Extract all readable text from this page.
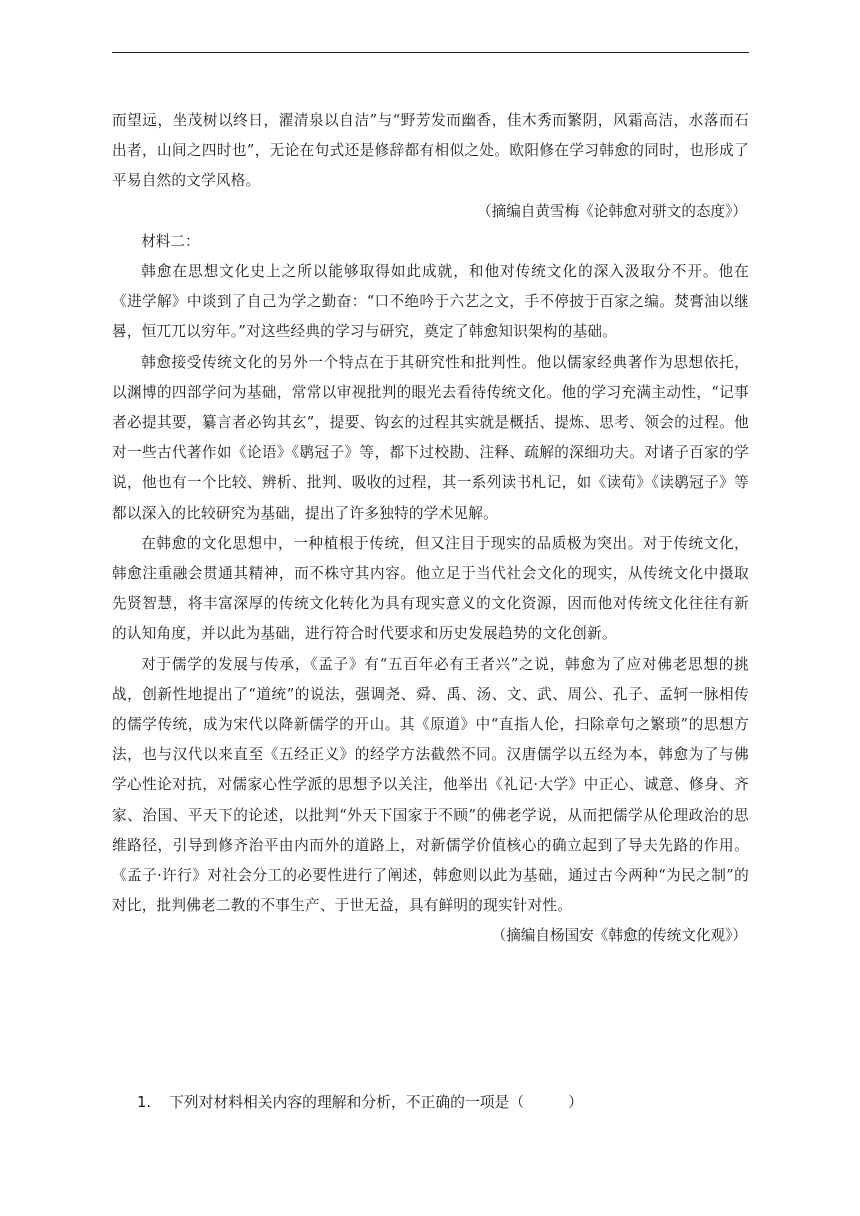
而望远，坐茂树以终日，濯清泉以自洁”与“野芳发而幽香，佳木秀而繁阴，风霜高洁，水落而石出者，山间之四时也”，无论在句式还是修辞都有相似之处。欧阳修在学习韩愈的同时，也形成了平易自然的文学风格。

（摘编自黄雪梅《论韩愈对骈文的态度》）

材料二：

韩愈在思想文化史上之所以能够取得如此成就，和他对传统文化的深入汲取分不开。他在《进学解》中谈到了自己为学之勤奋：“口不绝吟于六艺之文，手不停披于百家之编。焚膏油以继晷，恒兀兀以穷年。”对这些经典的学习与研究，奠定了韩愈知识架构的基础。

韩愈接受传统文化的另外一个特点在于其研究性和批判性。他以儒家经典著作为思想依托，以渊博的四部学问为基础，常常以审视批判的眼光去看待传统文化。他的学习充满主动性，“记事者必提其要，纂言者必钩其玄”，提要、钩玄的过程其实就是概括、提炼、思考、领会的过程。他对一些古代著作如《论语》《鹖冠子》等，都下过校勘、注释、疏解的深细功夫。对诸子百家的学说，他也有一个比较、辨析、批判、吸收的过程，其一系列读书札记，如《读荀》《读鹖冠子》等都以深入的比较研究为基础，提出了许多独特的学术见解。

在韩愈的文化思想中，一种植根于传统，但又注目于现实的品质极为突出。对于传统文化，韩愈注重融会贯通其精神，而不株守其内容。他立足于当代社会文化的现实，从传统文化中摄取先贤智慧，将丰富深厚的传统文化转化为具有现实意义的文化资源，因而他对传统文化往往有新的认知角度，并以此为基础，进行符合时代要求和历史发展趋势的文化创新。

对于儒学的发展与传承，《孟子》有“五百年必有王者兴”之说，韩愈为了应对佛老思想的挑战，创新性地提出了“道统”的说法，强调尧、舜、禹、汤、文、武、周公、孔子、孟轲一脉相传的儒学传统，成为宋代以降新儒学的开山。其《原道》中“直指人伦，扫除章句之繁琐”的思想方法，也与汉代以来直至《五经正义》的经学方法截然不同。汉唐儒学以五经为本，韩愈为了与佛学心性论对抗，对儒家心性学派的思想予以关注，他举出《礼记·大学》中正心、诚意、修身、齐家、治国、平天下的论述，以批判“外天下国家于不顾”的佛老学说，从而把儒学从伦理政治的思维路径，引导到修齐治平由内而外的道路上，对新儒学价值核心的确立起到了导夫先路的作用。《孟子·许行》对社会分工的必要性进行了阐述，韩愈则以此为基础，通过古今两种“为民之制”的对比，批判佛老二教的不事生产、于世无益，具有鲜明的现实针对性。

（摘编自杨国安《韩愈的传统文化观》）

1. 下列对材料相关内容的理解和分析，不正确的一项是（	）
